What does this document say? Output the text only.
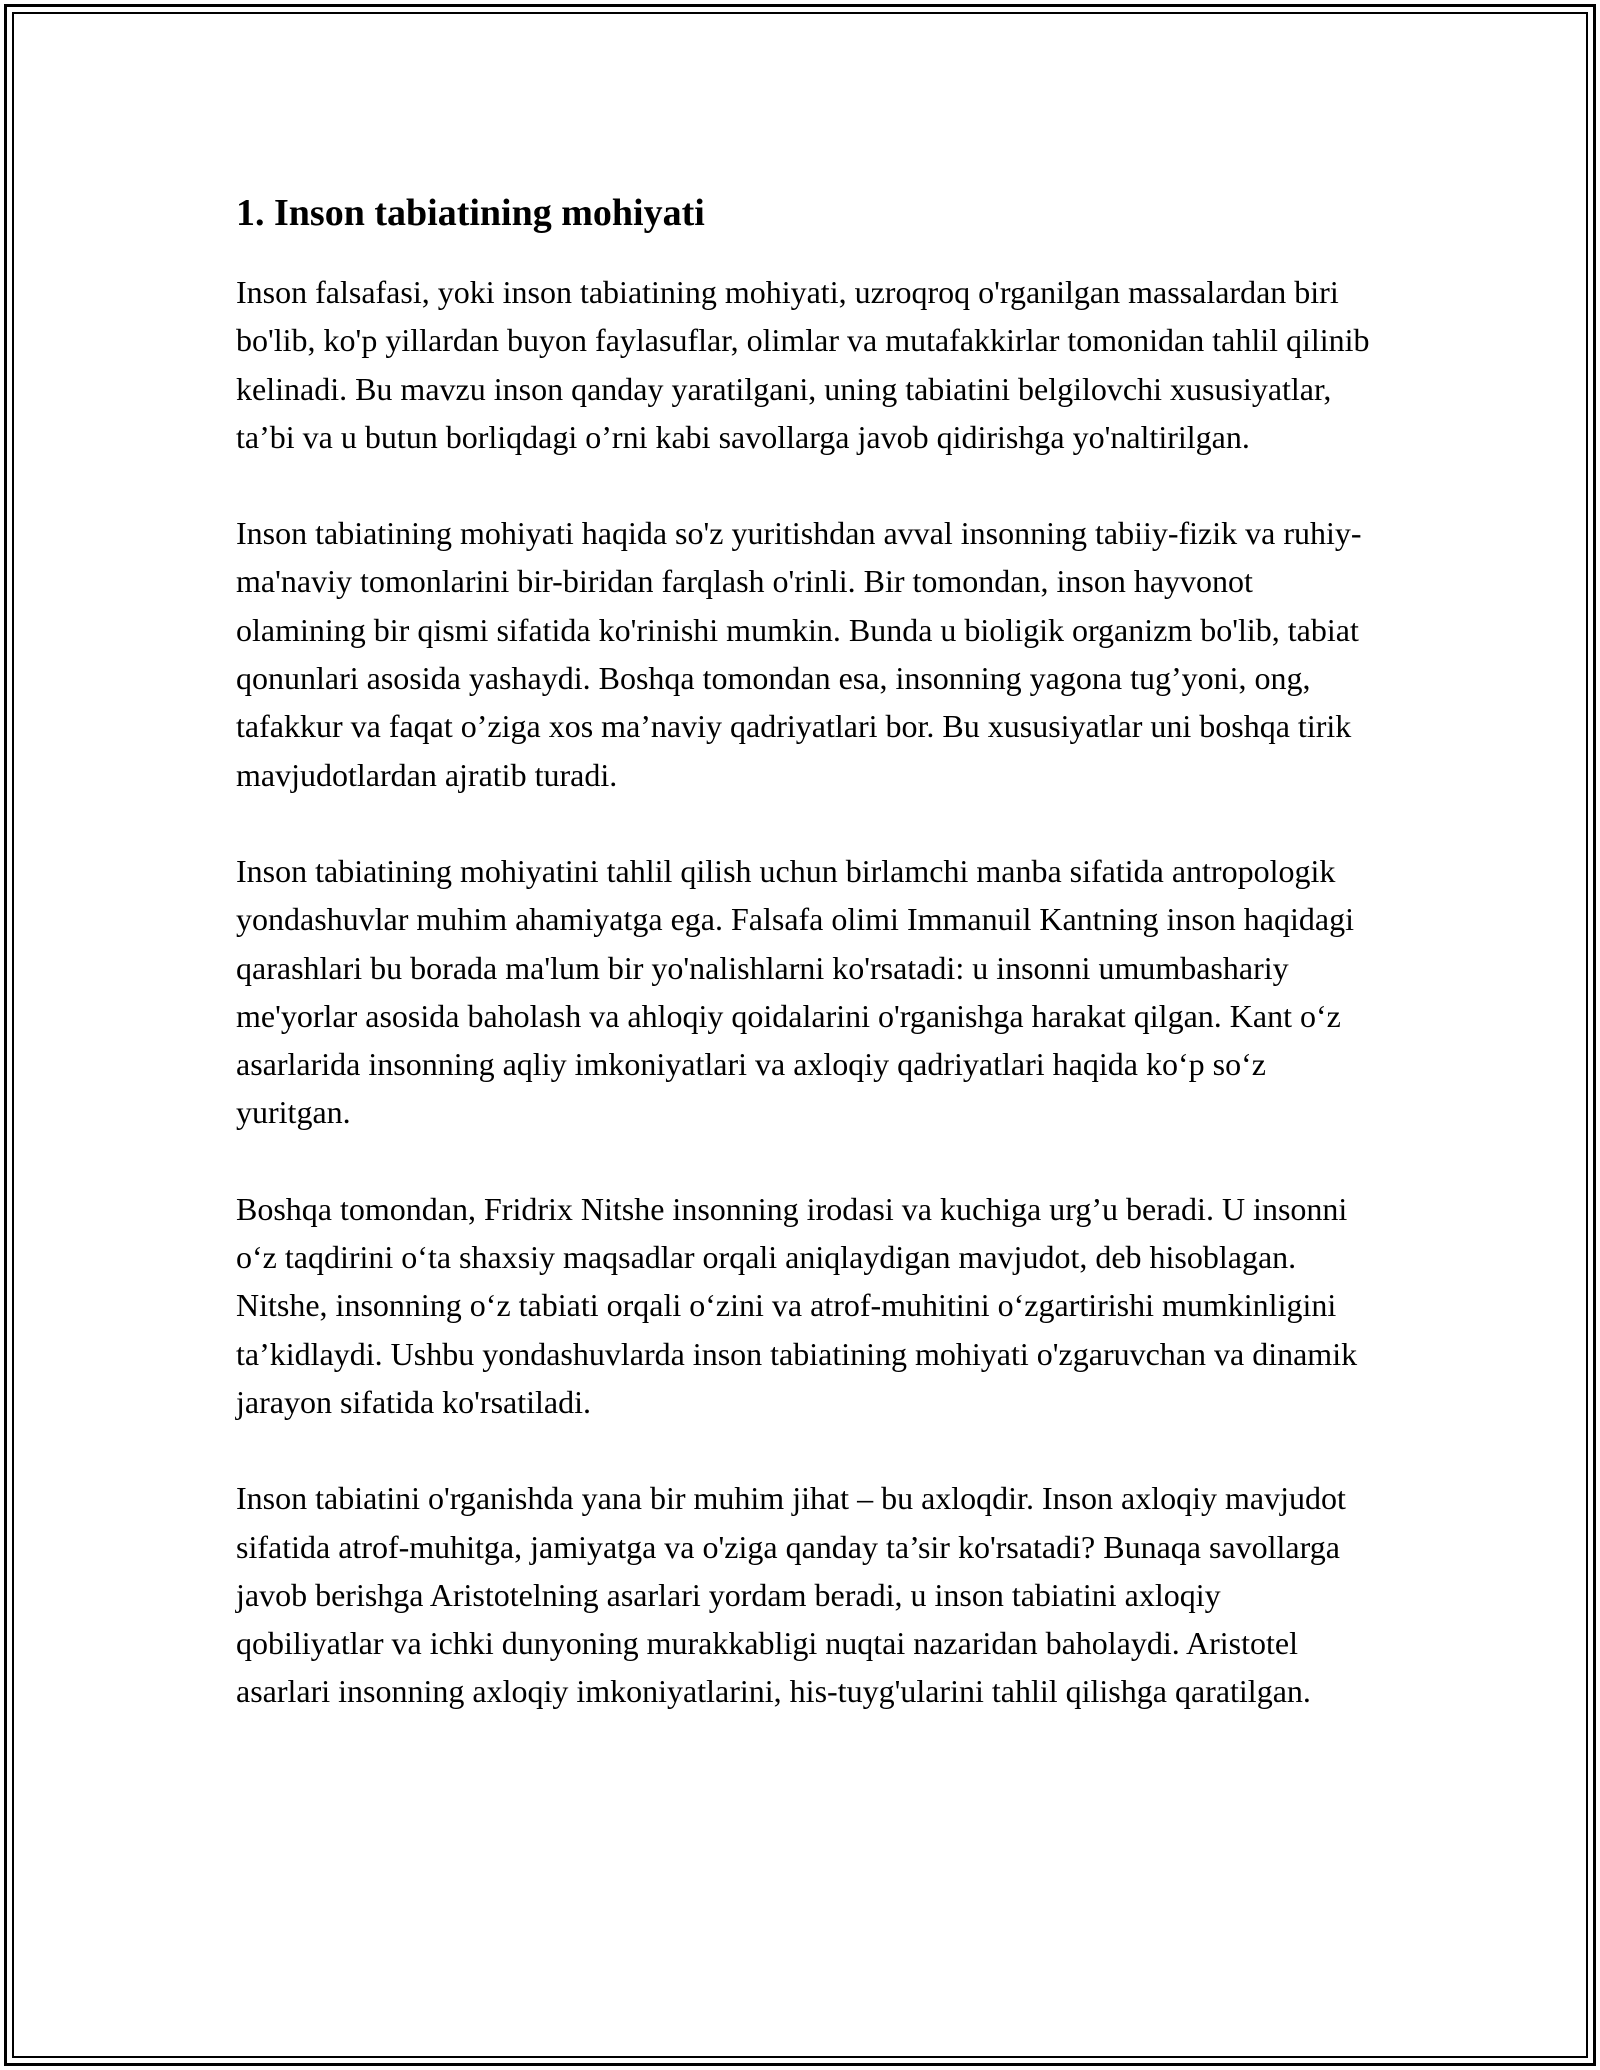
1. Inson tabiatining mohiyati

Inson falsafasi, yoki inson tabiatining mohiyati, uzroqroq o'rganilgan massalardan biri bo'lib, ko'p yillardan buyon faylasuflar, olimlar va mutafakkirlar tomonidan tahlil qilinib kelinadi. Bu mavzu inson qanday yaratilgani, uning tabiatini belgilovchi xususiyatlar, ta’bi va u butun borliqdagi o’rni kabi savollarga javob qidirishga yo'naltirilgan.

Inson tabiatining mohiyati haqida so'z yuritishdan avval insonning tabiiy-fizik va ruhiy-ma'naviy tomonlarini bir-biridan farqlash o'rinli. Bir tomondan, inson hayvonot olamining bir qismi sifatida ko'rinishi mumkin. Bunda u bioligik organizm bo'lib, tabiat qonunlari asosida yashaydi. Boshqa tomondan esa, insonning yagona tug’yoni, ong, tafakkur va faqat o’ziga xos ma’naviy qadriyatlari bor. Bu xususiyatlar uni boshqa tirik mavjudotlardan ajratib turadi.

Inson tabiatining mohiyatini tahlil qilish uchun birlamchi manba sifatida antropologik yondashuvlar muhim ahamiyatga ega. Falsafa olimi Immanuil Kantning inson haqidagi qarashlari bu borada ma'lum bir yo'nalishlarni ko'rsatadi: u insonni umumbashariy me'yorlar asosida baholash va ahloqiy qoidalarini o'rganishga harakat qilgan. Kant o‘z asarlarida insonning aqliy imkoniyatlari va axloqiy qadriyatlari haqida ko‘p so‘z yuritgan.

Boshqa tomondan, Fridrix Nitshe insonning irodasi va kuchiga urg’u beradi. U insonni o‘z taqdirini o‘ta shaxsiy maqsadlar orqali aniqlaydigan mavjudot, deb hisoblagan. Nitshe, insonning o‘z tabiati orqali o‘zini va atrof-muhitini o‘zgartirishi mumkinligini ta’kidlaydi. Ushbu yondashuvlarda inson tabiatining mohiyati o'zgaruvchan va dinamik jarayon sifatida ko'rsatiladi.

Inson tabiatini o'rganishda yana bir muhim jihat – bu axloqdir. Inson axloqiy mavjudot sifatida atrof-muhitga, jamiyatga va o'ziga qanday ta’sir ko'rsatadi? Bunaqa savollarga javob berishga Aristotelning asarlari yordam beradi, u inson tabiatini axloqiy qobiliyatlar va ichki dunyoning murakkabligi nuqtai nazaridan baholaydi. Aristotel asarlari insonning axloqiy imkoniyatlarini, his-tuyg'ularini tahlil qilishga qaratilgan.
